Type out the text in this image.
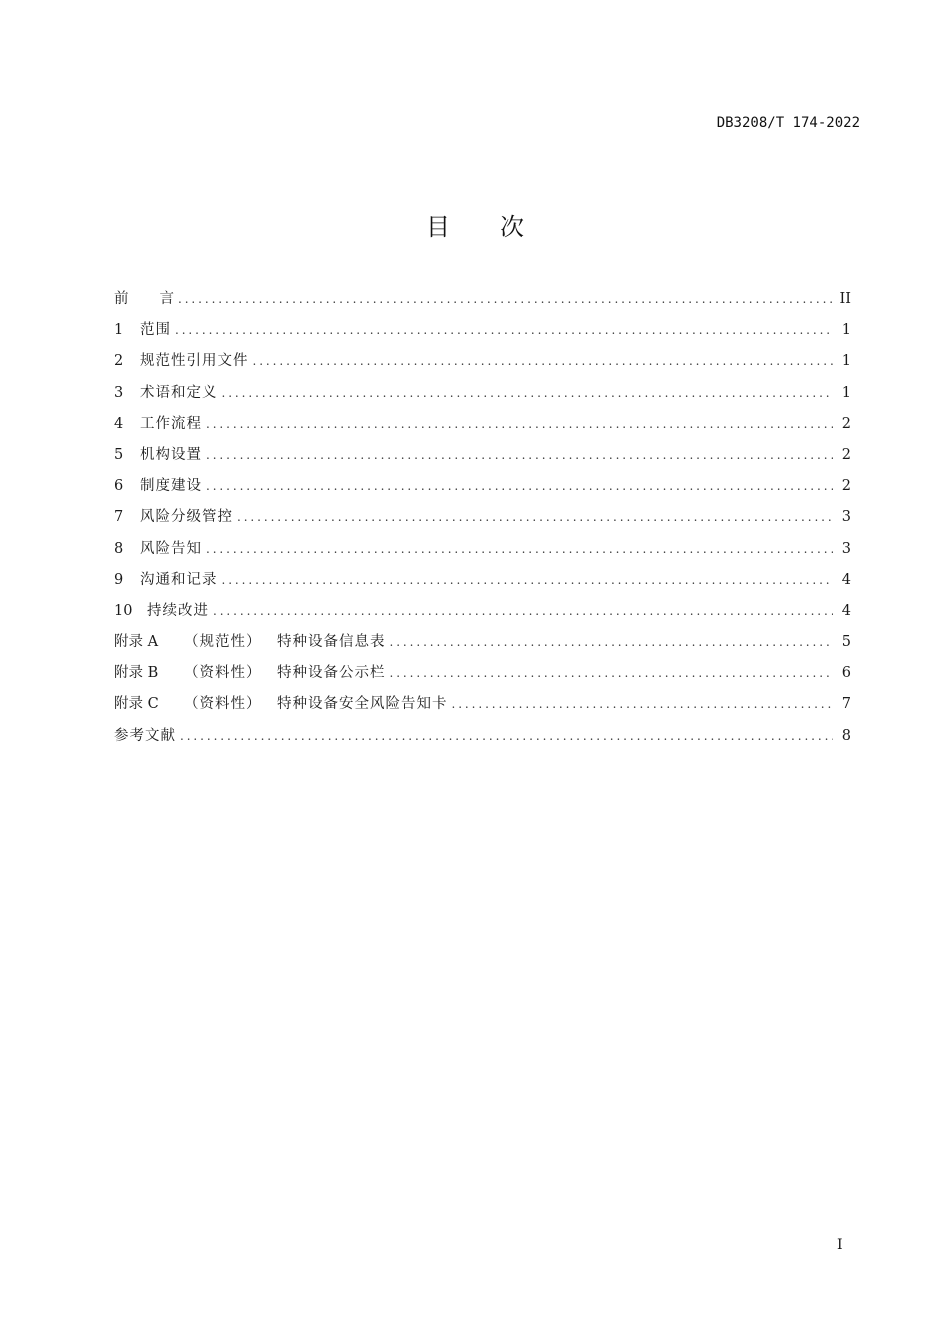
DB3208/T 174-2022
目 次
前 言 .....	II
1	范围 .....	1
2	规范性引用文件 .....	1
3	术语和定义 .....	1
4	工作流程 .....	2
5	机构设置 .....	2
6	制度建设 .....	2
7	风险分级管控 .....	3
8	风险告知 .....	3
9	沟通和记录 .....	4
10	持续改进 .....	4
附录 A	（规范性）	特种设备信息表 .....	5
附录 B	（资料性）	特种设备公示栏 .....	6
附录 C	（资料性）	特种设备安全风险告知卡 .....	7
参考文献 .....	8
I
